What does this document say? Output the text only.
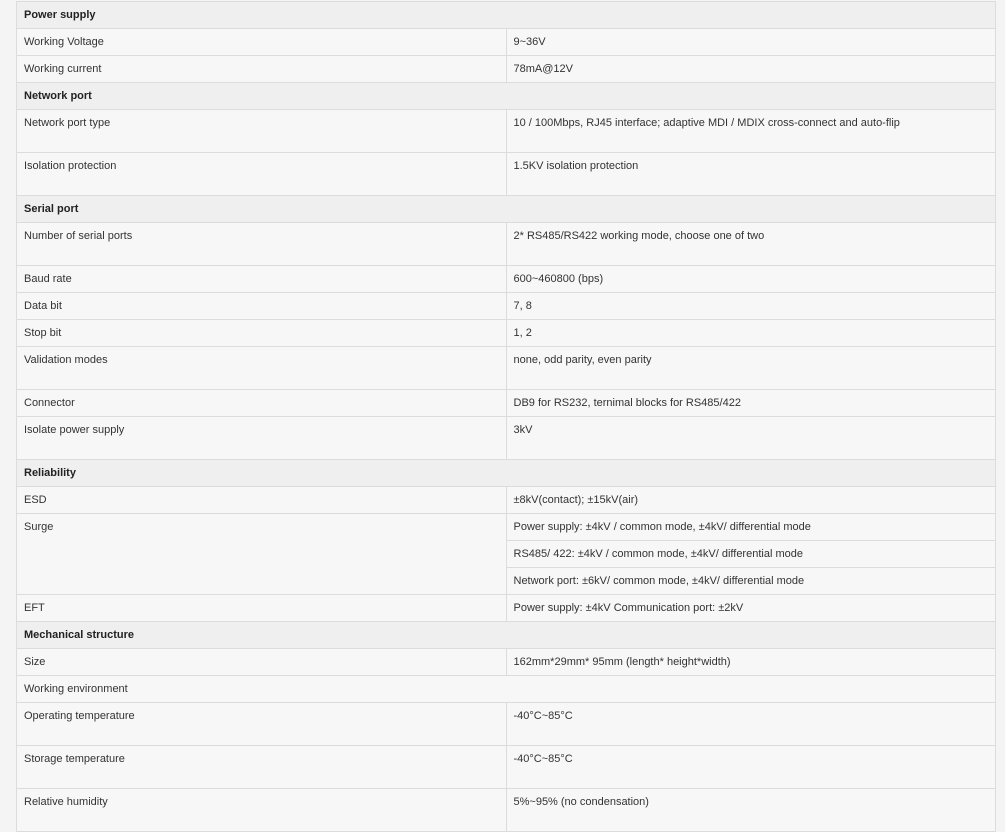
Power supply	
Working Voltage	9~36V
Working current	78mA@12V
Network port	
Network port type	10 / 100Mbps, RJ45 interface; adaptive MDI / MDIX cross-connect and auto-flip
Isolation protection	1.5KV isolation protection
Serial port	
Number of serial ports	2* RS485/RS422 working mode, choose one of two
Baud rate	600~460800 (bps)
Data bit	7, 8
Stop bit	1, 2
Validation modes	none, odd parity, even parity
Connector	DB9 for RS232, ternimal blocks for RS485/422
Isolate power supply	3kV
Reliability	
ESD	±8kV(contact); ±15kV(air)
Surge	Power supply: ±4kV / common mode, ±4kV/ differential mode
	RS485/ 422: ±4kV / common mode, ±4kV/ differential mode
	Network port: ±6kV/ common mode, ±4kV/ differential mode
EFT	Power supply: ±4kV Communication port: ±2kV
Mechanical structure	
Size	162mm*29mm* 95mm (length* height*width)
Working environment	
Operating temperature	-40°C~85°C
Storage temperature	-40°C~85°C
Relative humidity	5%~95% (no condensation)
